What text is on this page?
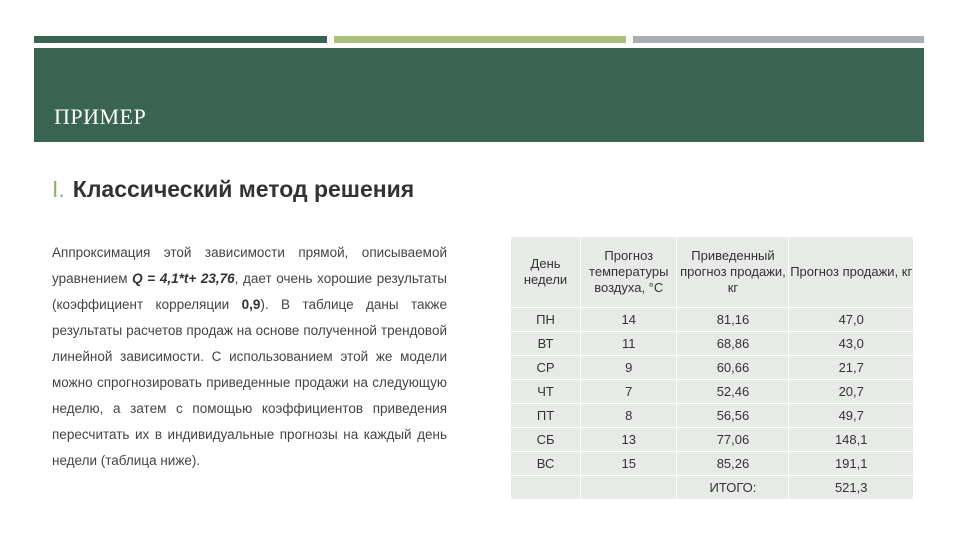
ПРИМЕР
I. Классический метод решения
Аппроксимация этой зависимости прямой, описываемой уравнением Q = 4,1*t+ 23,76, дает очень хорошие результаты (коэффициент корреляции 0,9). В таблице даны также результаты расчетов продаж на основе полученной трендовой линейной зависимости. С использованием этой же модели можно спрогнозировать приведенные продажи на следующую неделю, а затем с помощью коэффициентов приведения пересчитать их в индивидуальные прогнозы на каждый день недели (таблица ниже).
День недели	Прогноз температуры воздуха, °С	Приведенный прогноз продажи, кг	Прогноз продажи, кг
ПН	14	81,16	47,0
ВТ	11	68,86	43,0
СР	9	60,66	21,7
ЧТ	7	52,46	20,7
ПТ	8	56,56	49,7
СБ	13	77,06	148,1
ВС	15	85,26	191,1
		ИТОГО:	521,3
